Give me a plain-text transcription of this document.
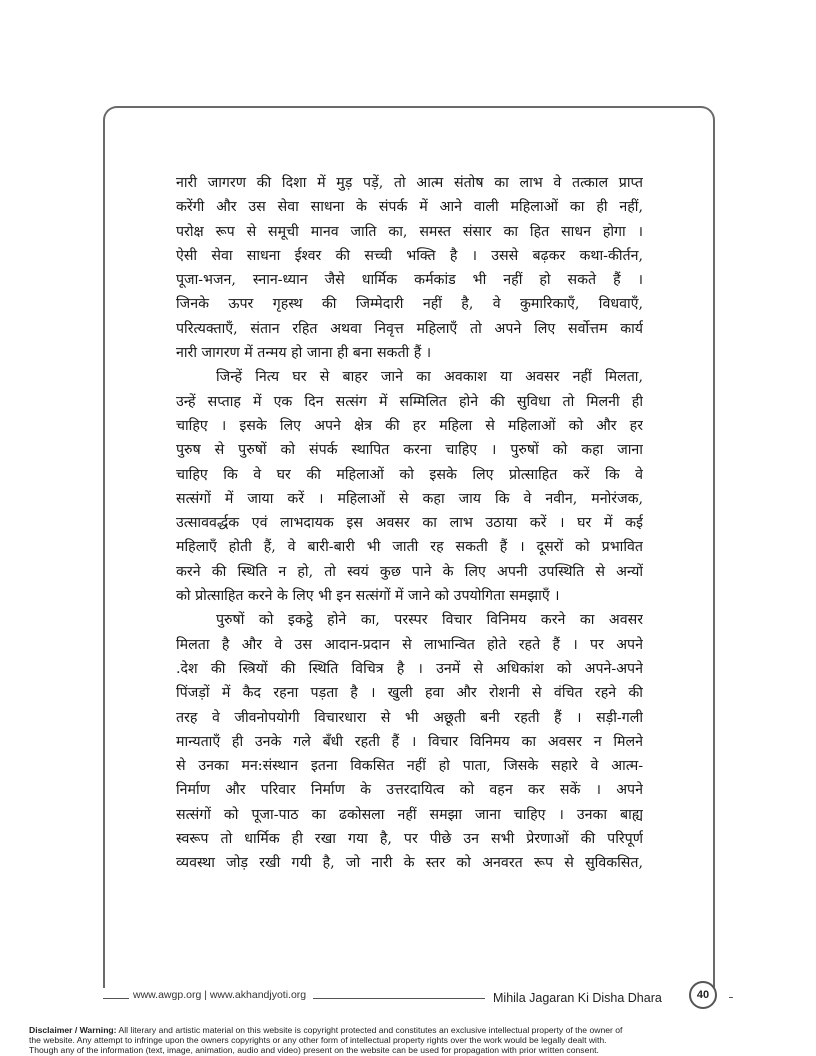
नारी जागरण की दिशा में मुड़ पड़ें, तो आत्म संतोष का लाभ वे तत्काल प्राप्त
करेंगी और उस सेवा साधना के संपर्क में आने वाली महिलाओं का ही नहीं,
परोक्ष रूप से समूची मानव जाति का, समस्त संसार का हित साधन होगा ।
ऐसी सेवा साधना ईश्वर की सच्ची भक्ति है । उससे बढ़कर कथा-कीर्तन,
पूजा-भजन, स्नान-ध्यान जैसे धार्मिक कर्मकांड भी नहीं हो सकते हैं ।
जिनके ऊपर गृहस्थ की जिम्मेदारी नहीं है, वे कुमारिकाएँ, विधवाएँ,
परित्यक्ताएँ, संतान रहित अथवा निवृत्त महिलाएँ तो अपने लिए सर्वोत्तम कार्य
नारी जागरण में तन्मय हो जाना ही बना सकती हैं ।
जिन्हें नित्य घर से बाहर जाने का अवकाश या अवसर नहीं मिलता,
उन्हें सप्ताह में एक दिन सत्संग में सम्मिलित होने की सुविधा तो मिलनी ही
चाहिए । इसके लिए अपने क्षेत्र की हर महिला से महिलाओं को और हर
पुरुष से पुरुषों को संपर्क स्थापित करना चाहिए । पुरुषों को कहा जाना
चाहिए कि वे घर की महिलाओं को इसके लिए प्रोत्साहित करें कि वे
सत्संगों में जाया करें । महिलाओं से कहा जाय कि वे नवीन, मनोरंजक,
उत्साववर्द्धक एवं लाभदायक इस अवसर का लाभ उठाया करें । घर में कई
महिलाएँ होती हैं, वे बारी-बारी भी जाती रह सकती हैं । दूसरों को प्रभावित
करने की स्थिति न हो, तो स्वयं कुछ पाने के लिए अपनी उपस्थिति से अन्यों
को प्रोत्साहित करने के लिए भी इन सत्संगों में जाने को उपयोगिता समझाएँ ।
पुरुषों को इकट्ठे होने का, परस्पर विचार विनिमय करने का अवसर
मिलता है और वे उस आदान-प्रदान से लाभान्वित होते रहते हैं । पर अपने
.देश की स्त्रियों की स्थिति विचित्र है । उनमें से अधिकांश को अपने-अपने
पिंजड़ों में कैद रहना पड़ता है । खुली हवा और रोशनी से वंचित रहने की
तरह वे जीवनोपयोगी विचारधारा से भी अछूती बनी रहती हैं । सड़ी-गली
मान्यताएँ ही उनके गले बँधी रहती हैं । विचार विनिमय का अवसर न मिलने
से उनका मन:संस्थान इतना विकसित नहीं हो पाता, जिसके सहारे वे आत्म-
निर्माण और परिवार निर्माण के उत्तरदायित्व को वहन कर सकें । अपने
सत्संगों को पूजा-पाठ का ढकोसला नहीं समझा जाना चाहिए । उनका बाह्य
स्वरूप तो धार्मिक ही रखा गया है, पर पीछे उन सभी प्रेरणाओं की परिपूर्ण
व्यवस्था जोड़ रखी गयी है, जो नारी के स्तर को अनवरत रूप से सुविकसित,
www.awgp.org | www.akhandjyoti.org	Mihila Jagaran Ki Disha Dhara	40
Disclaimer / Warning: All literary and artistic material on this website is copyright protected and constitutes an exclusive intellectual property of the owner of
the website. Any attempt to infringe upon the owners copyrights or any other form of intellectual property rights over the work would be legally dealt with.
Though any of the information (text, image, animation, audio and video) present on the website can be used for propagation with prior written consent.
